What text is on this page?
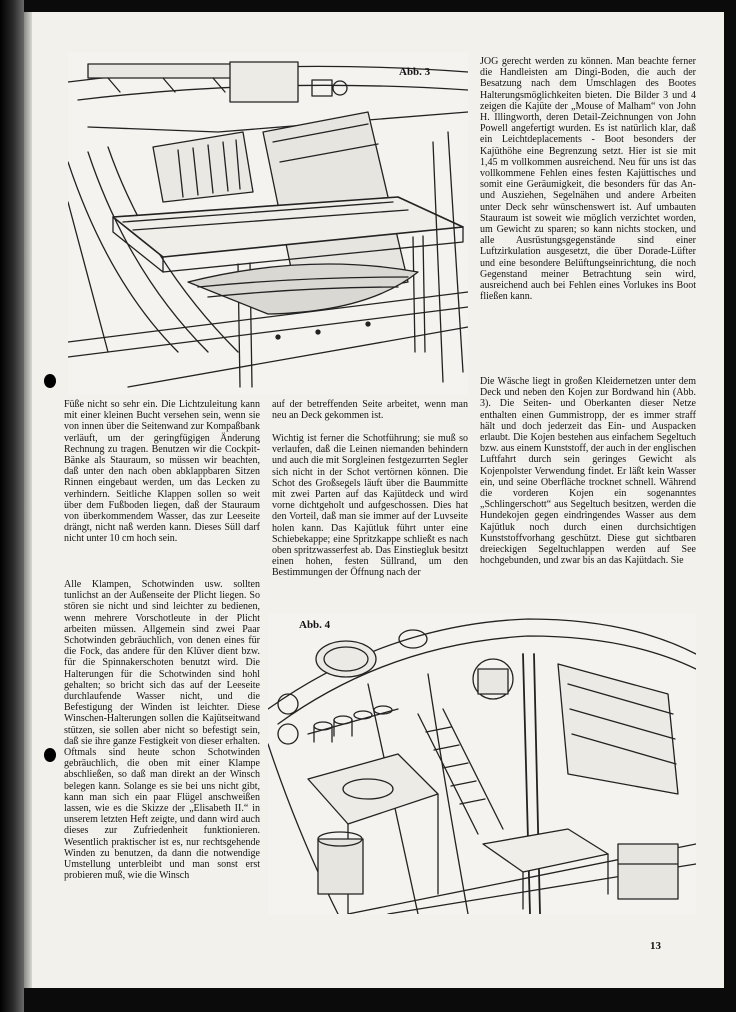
Abb. 3

JOG gerecht werden zu können. Man beachte ferner die Handleisten am Dingi-Boden, die auch der Besatzung nach dem Umschlagen des Bootes Halterungsmöglichkeiten bieten. Die Bilder 3 und 4 zeigen die Kajüte der „Mouse of Malham“ von John H. Illingworth, deren Detail-Zeichnungen von John Powell angefertigt wurden. Es ist natürlich klar, daß ein Leichtdeplacements - Boot besonders der Kajüthöhe eine Begrenzung setzt. Hier ist sie mit 1,45 m vollkommen ausreichend. Neu für uns ist das vollkommene Fehlen eines festen Kajüttisches und somit eine Geräumigkeit, die besonders für das An- und Ausziehen, Segelnähen und andere Arbeiten unter Deck sehr wünschenswert ist. Auf umbauten Stauraum ist soweit wie möglich verzichtet worden, um Gewicht zu sparen; so kann nichts stocken, und alle Ausrüstungsgegenstände sind einer Luftzirkulation ausgesetzt, die über Dorade-Lüfter und eine besondere Belüftungseinrichtung, die noch Gegenstand meiner Betrachtung sein wird, ausreichend auch bei Fehlen eines Vorlukes ins Boot fließen kann.

Die Wäsche liegt in großen Kleidernetzen unter dem Deck und neben den Kojen zur Bordwand hin (Abb. 3). Die Seiten- und Oberkanten dieser Netze enthalten einen Gummistropp, der es immer straff hält und doch jederzeit das Ein- und Auspacken erlaubt. Die Kojen bestehen aus einfachem Segeltuch bzw. aus einem Kunststoff, der auch in der englischen Luftfahrt durch sein geringes Gewicht als Kojenpolster Verwendung findet. Er läßt kein Wasser ein, und seine Oberfläche trocknet schnell. Während die vorderen Kojen ein sogenanntes „Schlingerschott“ aus Segeltuch besitzen, werden die Hundekojen gegen eindringendes Wasser aus dem Kajütluk noch durch einen durchsichtigen Kunststoffvorhang geschützt. Diese gut sichtbaren dreieckigen Segeltuchlappen werden auf See hochgebunden, und zwar bis an das Kajütdach. Sie

Füße nicht so sehr ein. Die Lichtzuleitung kann mit einer kleinen Bucht versehen sein, wenn sie von innen über die Seitenwand zur Kompaßbank verläuft, um der geringfügigen Änderung Rechnung zu tragen. Benutzen wir die Cockpit-Bänke als Stauraum, so müssen wir beachten, daß unter den nach oben abklappbaren Sitzen Rinnen eingebaut werden, um das Lecken zu verhindern. Seitliche Klappen sollen so weit über dem Fußboden liegen, daß der Stauraum von überkommendem Wasser, das zur Leeseite drängt, nicht naß werden kann. Dieses Süll darf nicht unter 10 cm hoch sein.

Alle Klampen, Schotwinden usw. sollten tunlichst an der Außenseite der Plicht liegen. So stören sie nicht und sind leichter zu bedienen, wenn mehrere Vorschotleute in der Plicht arbeiten müssen. Allgemein sind zwei Paar Schotwinden gebräuchlich, von denen eines für die Fock, das andere für den Klüver dient bzw. für die Spinnakerschoten benutzt wird. Die Halterungen für die Schotwinden sind hohl gehalten; so bricht sich das auf der Leeseite durchlaufende Wasser nicht, und die Befestigung der Winden ist leichter. Diese Winschen-Halterungen sollen die Kajütseitwand stützen, sie sollen aber nicht so befestigt sein, daß sie ihre ganze Festigkeit von dieser erhalten. Oftmals sind heute schon Schotwinden gebräuchlich, die oben mit einer Klampe abschließen, so daß man direkt an der Winsch belegen kann. Solange es sie bei uns nicht gibt, kann man sich ein paar Flügel anschweißen lassen, wie es die Skizze der „Elisabeth II.“ in unserem letzten Heft zeigte, und dann wird auch dieses zur Zufriedenheit funktionieren. Wesentlich praktischer ist es, nur rechtsgehende Winden zu benutzen, da dann die notwendige Umstellung unterbleibt und man sonst erst probieren muß, wie die Winsch

auf der betreffenden Seite arbeitet, wenn man neu an Deck gekommen ist.

Wichtig ist ferner die Schotführung; sie muß so verlaufen, daß die Leinen niemanden behindern und auch die mit Sorgleinen festgezurrten Segler sich nicht in der Schot vertörnen können. Die Schot des Großsegels läuft über die Baummitte mit zwei Parten auf das Kajütdeck und wird vorne dichtgeholt und aufgeschossen. Dies hat den Vorteil, daß man sie immer auf der Luvseite holen kann. Das Kajütluk führt unter eine Schiebekappe; eine Spritzkappe schließt es nach oben spritzwasserfest ab. Das Einstiegluk besitzt einen hohen, festen Süllrand, um den Bestimmungen der Öffnung nach der

Abb. 4
13
